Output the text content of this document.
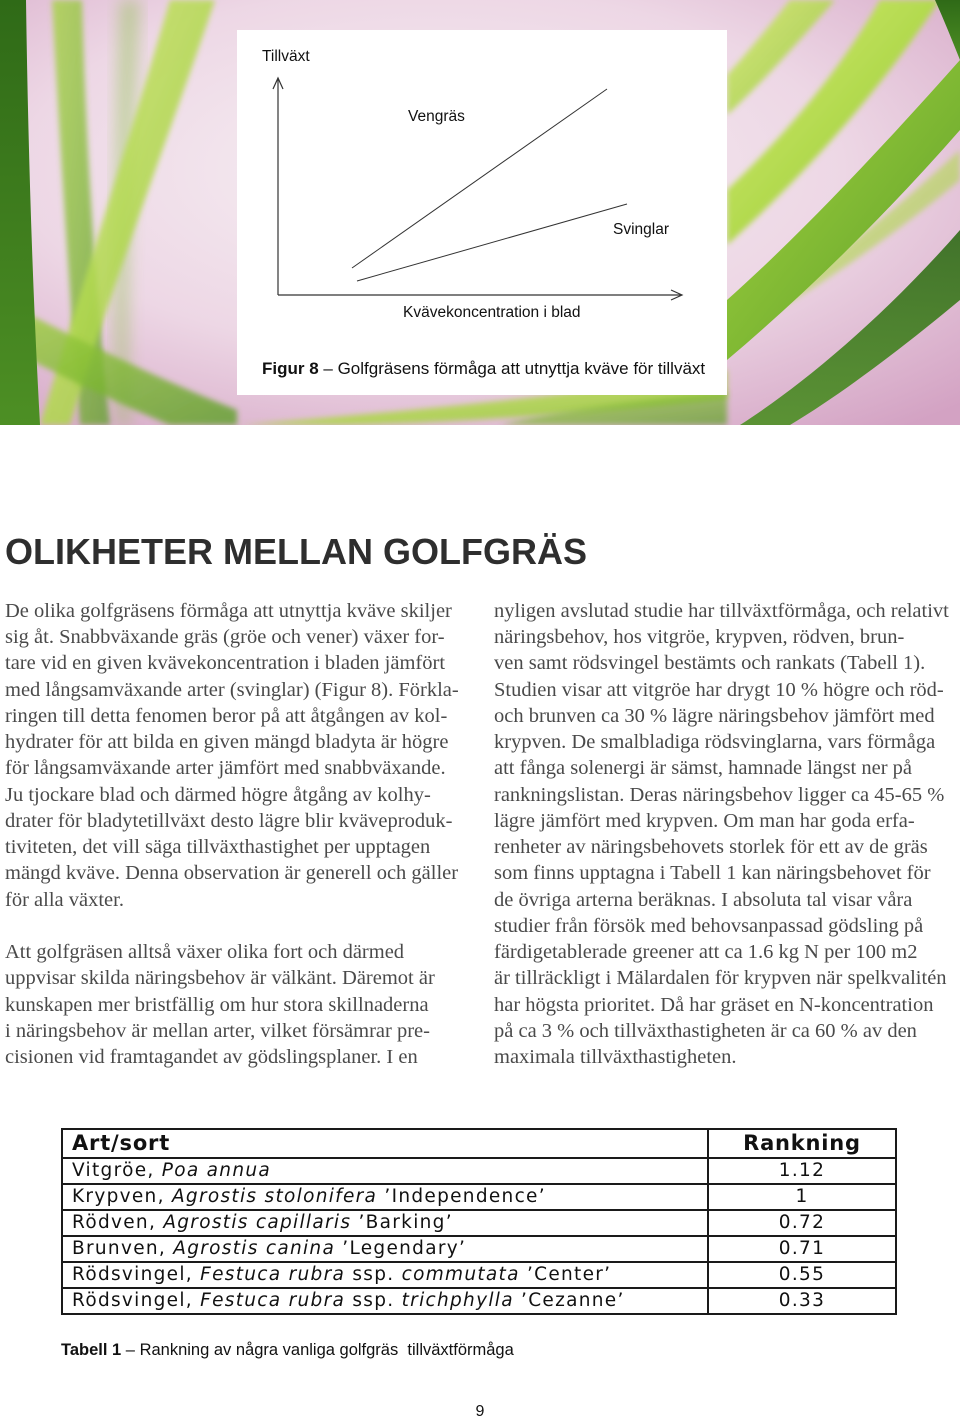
Tillväxt
Vengräs
Svinglar
Kvävekoncentration i blad
Figur 8 – Golfgräsens förmåga att utnyttja kväve för tillväxt
OLIKHETER MELLAN GOLFGRÄS
De olika golfgräsens förmåga att utnyttja kväve skiljer
sig åt. Snabbväxande gräs (gröe och vener) växer for-
tare vid en given kvävekoncentration i bladen jämfört
med långsamväxande arter (svinglar) (Figur 8). Förkla-
ringen till detta fenomen beror på att åtgången av kol-
hydrater för att bilda en given mängd bladyta är högre
för långsamväxande arter jämfört med snabbväxande.
Ju tjockare blad och därmed högre åtgång av kolhy-
drater för bladytetillväxt desto lägre blir kväveproduk-
tiviteten, det vill säga tillväxthastighet per upptagen
mängd kväve. Denna observation är generell och gäller
för alla växter.
Att golfgräsen alltså växer olika fort och därmed
uppvisar skilda näringsbehov är välkänt. Däremot är
kunskapen mer bristfällig om hur stora skillnaderna
i näringsbehov är mellan arter, vilket försämrar pre-
cisionen vid framtagandet av gödslingsplaner. I en
nyligen avslutad studie har tillväxtförmåga, och relativt
näringsbehov, hos vitgröe, krypven, rödven, brun-
ven samt rödsvingel bestämts och rankats (Tabell 1).
Studien visar att vitgröe har drygt 10 % högre och röd-
och brunven ca 30 % lägre näringsbehov jämfört med
krypven. De smalbladiga rödsvinglarna, vars förmåga
att fånga solenergi är sämst, hamnade längst ner på
rankningslistan. Deras näringsbehov ligger ca 45-65 %
lägre jämfört med krypven. Om man har goda erfa-
renheter av näringsbehovets storlek för ett av de gräs
som finns upptagna i Tabell 1 kan näringsbehovet för
de övriga arterna beräknas. I absoluta tal visar våra
studier från försök med behovsanpassad gödsling på
färdigetablerade greener att ca 1.6 kg N per 100 m2
är tillräckligt i Mälardalen för krypven när spelkvalitén
har högsta prioritet. Då har gräset en N-koncentration
på ca 3 % och tillväxthastigheten är ca 60 % av den
maximala tillväxthastigheten.
Art/sort	Rankning
Vitgröe, Poa annua	1.12
Krypven, Agrostis stolonifera ’Independence’	1
Rödven, Agrostis capillaris ’Barking’	0.72
Brunven, Agrostis canina ’Legendary’	0.71
Rödsvingel, Festuca rubra ssp. commutata ’Center’	0.55
Rödsvingel, Festuca rubra ssp. trichphylla ’Cezanne’	0.33
Tabell 1 – Rankning av några vanliga golfgräs  tillväxtförmåga
9
